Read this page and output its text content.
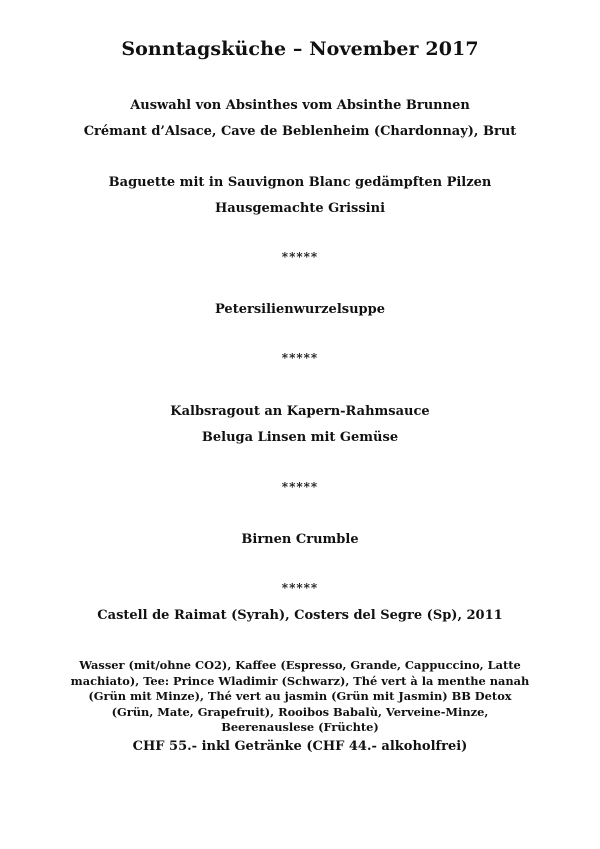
Sonntagsküche – November 2017
Auswahl von Absinthes vom Absinthe Brunnen
Crémant d’Alsace, Cave de Beblenheim (Chardonnay), Brut
Baguette mit in Sauvignon Blanc gedämpften Pilzen
Hausgemachte Grissini
*****
Petersilienwurzelsuppe
*****
Kalbsragout an Kapern-Rahmsauce
Beluga Linsen mit Gemüse
*****
Birnen Crumble
*****
Castell de Raimat (Syrah), Costers del Segre (Sp), 2011
Wasser (mit/ohne CO2), Kaffee (Espresso, Grande, Cappuccino, Latte machiato), Tee: Prince Wladimir (Schwarz), Thé vert à la menthe nanah (Grün mit Minze), Thé vert au jasmin (Grün mit Jasmin) BB Detox (Grün, Mate, Grapefruit), Rooibos Babalù, Verveine-Minze, Beerenauslese (Früchte)
CHF 55.- inkl Getränke (CHF 44.- alkoholfrei)
